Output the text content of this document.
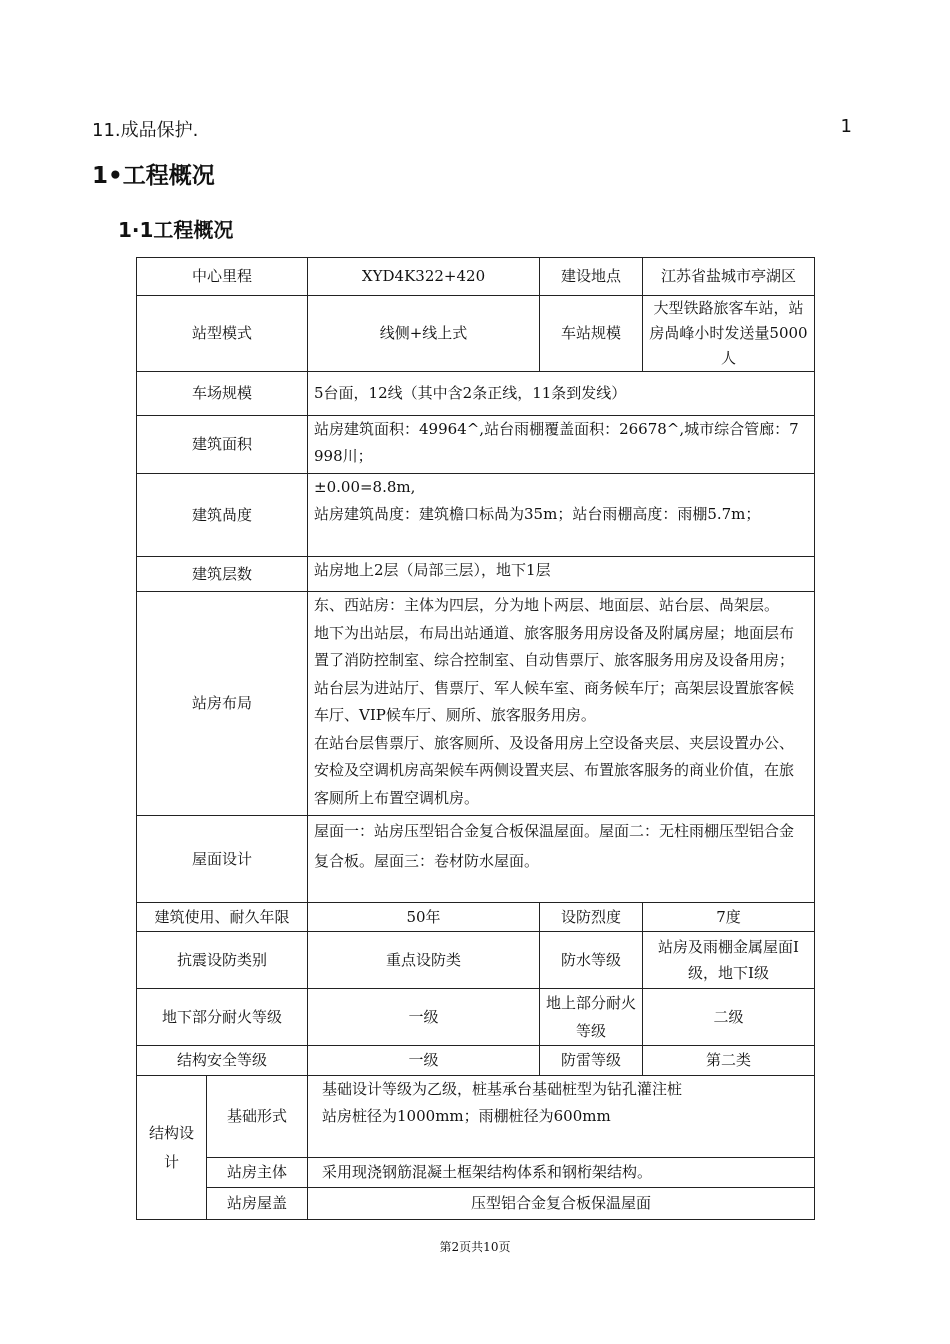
11.成品保护.	1
1•工程概况
1·1工程概况
中心里程		XYD4K322+420	建设地点	江苏省盐城市亭湖区
站型模式		线侧+线上式	车站规模	大型铁路旅客车站，站房咼峰小时发送量5000人
车场规模		5台面，12线（其中含2条正线，11条到发线）		
建筑面积		站房建筑面积：49964^,站台雨棚覆盖面积：26678^,城市综合管廊：7998川；		
建筑咼度		±0.00=8.8m,
站房建筑咼度：建筑檐口标咼为35m；站台雨棚高度：雨棚5.7m；		

建筑层数		站房地上2层（局部三层），地下1层		
站房布局		东、西站房：主体为四层，分为地卜两层、地面层、站台层、咼架层。
地下为出站层，布局出站通道、旅客服务用房设备及附属房屋；地面层布置了消防控制室、综合控制室、自动售票厅、旅客服务用房及设备用房；站台层为进站厅、售票厅、军人候车室、商务候车厅；高架层设置旅客候车厅、VIP候车厅、厕所、旅客服务用房。
在站台层售票厅、旅客厕所、及设备用房上空设备夹层、夹层设置办公、安检及空调机房高架候车两侧设置夹层、布置旅客服务的商业价值，在旅客厕所上布置空调机房。		

屋面设计		屋面一：站房压型铝合金复合板保温屋面。屋面二：无柱雨棚压型铝合金复合板。屋面三：卷材防水屋面。		
建筑使用、耐久年限		50年	设防烈度	7度
抗震设防类别		重点设防类	防水等级	站房及雨棚金属屋面Ⅰ级，地下Ⅰ级
地下部分耐火等级		一级	地上部分耐火等级	二级
结构安全等级		一级	防雷等级	第二类
结构设计	基础形式	基础设计等级为乙级，桩基承台基础桩型为钻孔灌注桩
站房桩径为1000mm；雨棚桩径为600mm		

	站房主体	采用现浇钢筋混凝土框架结构体系和钢桁架结构。		
	站房屋盖	压型铝合金复合板保温屋面		
第2页共10页
